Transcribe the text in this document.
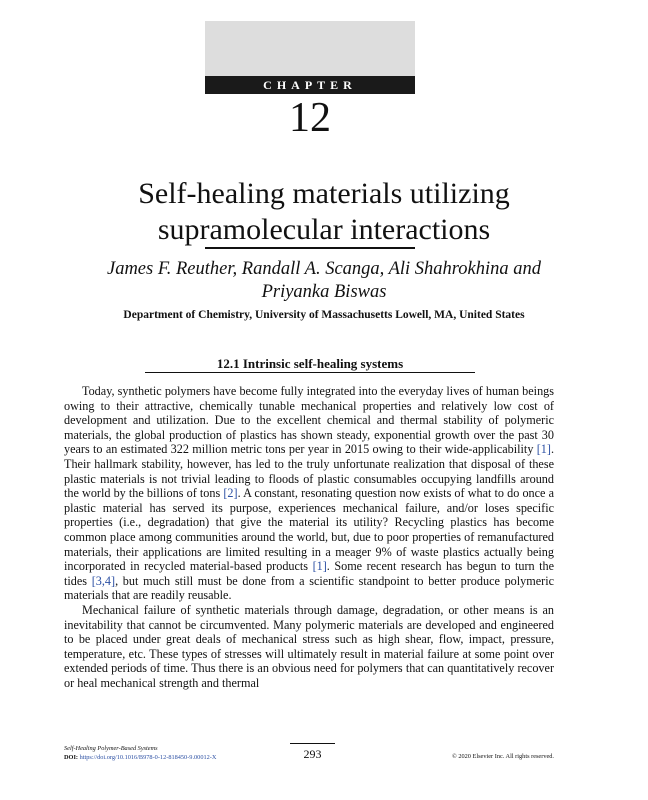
CHAPTER
12
Self-healing materials utilizing
supramolecular interactions
James F. Reuther, Randall A. Scanga, Ali Shahrokhina and
Priyanka Biswas
Department of Chemistry, University of Massachusetts Lowell, MA, United States
12.1 Intrinsic self-healing systems

Today, synthetic polymers have become fully integrated into the everyday lives of human beings owing to their attractive, chemically tunable mechanical properties and relatively low cost of development and utilization. Due to the excellent chemical and thermal stability of polymeric materials, the global production of plastics has shown steady, exponential growth over the past 30 years to an estimated 322 million metric tons per year in 2015 owing to their wide-applicability [1]. Their hallmark stability, however, has led to the truly unfortunate realization that disposal of these plastic materials is not trivial leading to floods of plastic consumables occupying landfills around the world by the billions of tons [2]. A constant, resonating question now exists of what to do once a plastic material has served its purpose, experiences mechanical failure, and/or loses specific properties (i.e., degradation) that give the material its utility? Recycling plastics has become common place among communities around the world, but, due to poor properties of remanufactured materials, their applications are limited resulting in a meager 9% of waste plastics actually being incorporated in recycled material-based products [1]. Some recent research has begun to turn the tides [3,4], but much still must be done from a scientific standpoint to better produce polymeric materials that are readily reusable.

Mechanical failure of synthetic materials through damage, degradation, or other means is an inevitability that cannot be circumvented. Many polymeric materials are developed and engineered to be placed under great deals of mechanical stress such as high shear, flow, impact, pressure, temperature, etc. These types of stresses will ultimately result in material failure at some point over extended periods of time. Thus there is an obvious need for polymers that can quantitatively recover or heal mechanical strength and thermal

Self-Healing Polymer-Based Systems
DOI: https://doi.org/10.1016/B978-0-12-818450-9.00012-X	293	© 2020 Elsevier Inc. All rights reserved.
